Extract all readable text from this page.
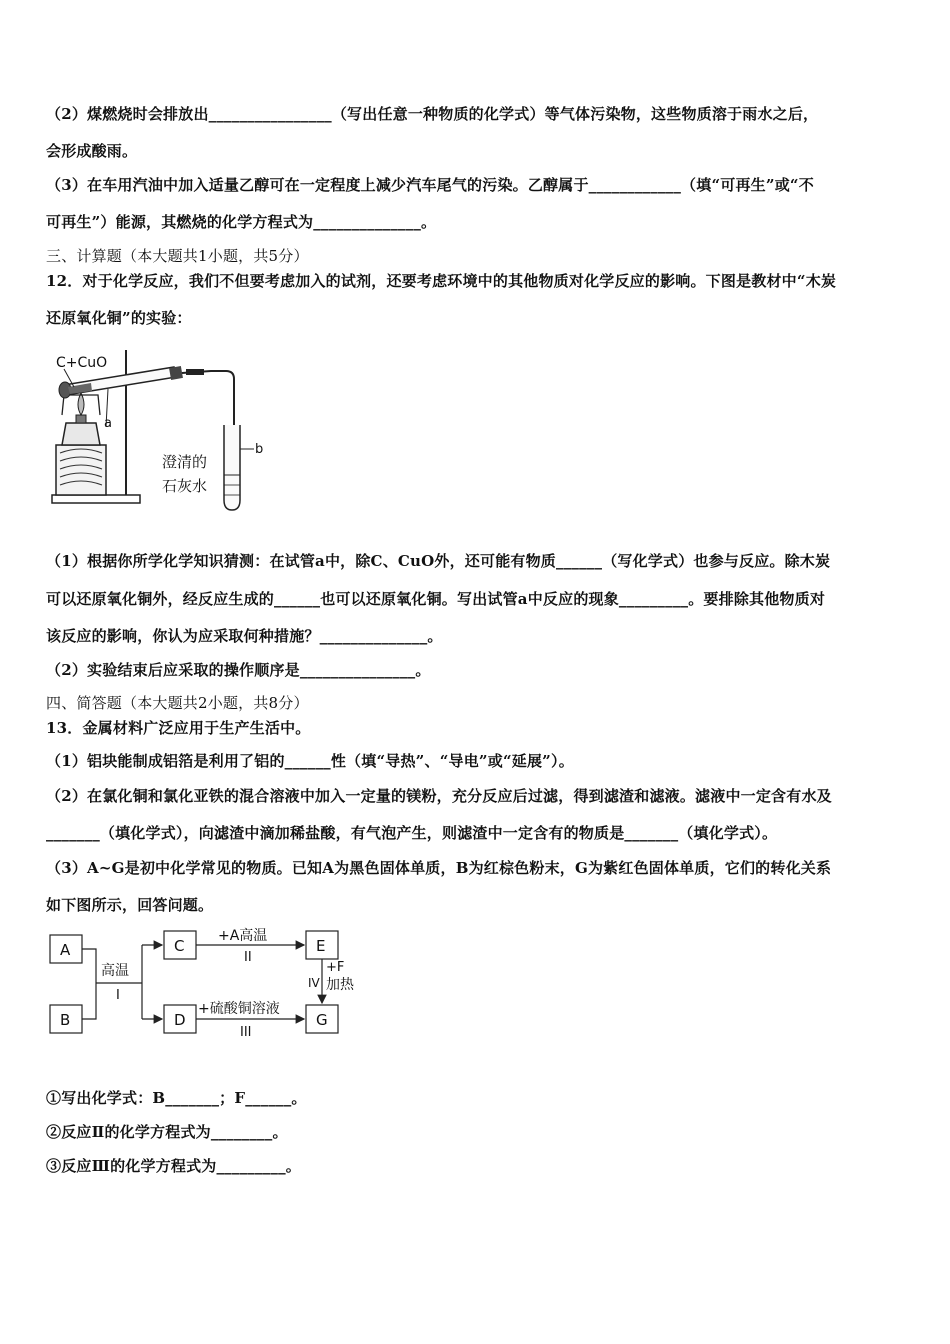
（2）煤燃烧时会排放出________________（写出任意一种物质的化学式）等气体污染物，这些物质溶于雨水之后，
会形成酸雨。
（3）在车用汽油中加入适量乙醇可在一定程度上减少汽车尾气的污染。乙醇属于____________（填“可再生”或“不
可再生”）能源，其燃烧的化学方程式为______________。
三、计算题（本大题共1小题，共5分）
12．对于化学反应，我们不但要考虑加入的试剂，还要考虑环境中的其他物质对化学反应的影响。下图是教材中“木炭
还原氧化铜”的实验：
C+CuO
a
b
澄清的
石灰水
（1）根据你所学化学知识猜测：在试管a中，除C、CuO外，还可能有物质______（写化学式）也参与反应。除木炭
可以还原氧化铜外，经反应生成的______也可以还原氧化铜。写出试管a中反应的现象_________。要排除其他物质对
该反应的影响，你认为应采取何种措施？______________。
（2）实验结束后应采取的操作顺序是_______________。
四、简答题（本大题共2小题，共8分）
13．金属材料广泛应用于生产生活中。
（1）铝块能制成铝箔是利用了铝的______性（填“导热”、“导电”或“延展”）。
（2）在氯化铜和氯化亚铁的混合溶液中加入一定量的镁粉，充分反应后过滤，得到滤渣和滤液。滤液中一定含有水及
_______（填化学式），向滤渣中滴加稀盐酸，有气泡产生，则滤渣中一定含有的物质是_______（填化学式）。
（3）A~G是初中化学常见的物质。已知A为黑色固体单质，B为红棕色粉末，G为紫红色固体单质，它们的转化关系
如下图所示，回答问题。
A
B
C
D
E
G
高温
I
+A高温
II
+硫酸铜溶液
III
IV
+F
加热
①写出化学式：B_______；F______。
②反应Ⅱ的化学方程式为________。
③反应Ⅲ的化学方程式为_________。
